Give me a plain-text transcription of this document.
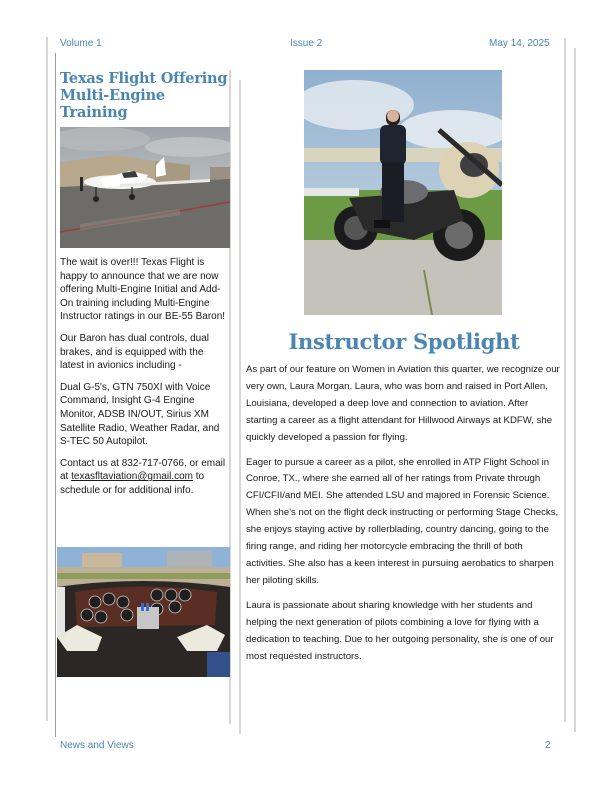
Volume 1	Issue 2	May 14, 2025
Texas Flight Offering Multi-Engine Training

The wait is over!!! Texas Flight is happy to announce that we are now offering Multi-Engine Initial and Add-On training including Multi-Engine Instructor ratings in our BE-55 Baron!

Our Baron has dual controls, dual brakes, and is equipped with the latest in avionics including -

Dual G-5's, GTN 750XI with Voice Command, Insight G-4 Engine Monitor, ADSB IN/OUT, Sirius XM Satellite Radio, Weather Radar, and S-TEC 50 Autopilot.

Contact us at 832-717-0766, or email at texasfltaviation@gmail.com to schedule or for additional info.

Instructor Spotlight

As part of our feature on Women in Aviation this quarter, we recognize our very own, Laura Morgan. Laura, who was born and raised in Port Allen, Louisiana, developed a deep love and connection to aviation. After starting a career as a flight attendant for Hillwood Airways at KDFW, she quickly developed a passion for flying.

Eager to pursue a career as a pilot, she enrolled in ATP Flight School in Conroe, TX., where she earned all of her ratings from Private through CFI/CFII/and MEI. She attended LSU and majored in Forensic Science. When she's not on the flight deck instructing or performing Stage Checks, she enjoys staying active by rollerblading, country dancing, going to the firing range, and riding her motorcycle embracing the thrill of both activities. She also has a keen interest in pursuing aerobatics to sharpen her piloting skills.

Laura is passionate about sharing knowledge with her students and helping the next generation of pilots combining a love for flying with a dedication to teaching. Due to her outgoing personality, she is one of our most requested instructors.

News and Views	2
